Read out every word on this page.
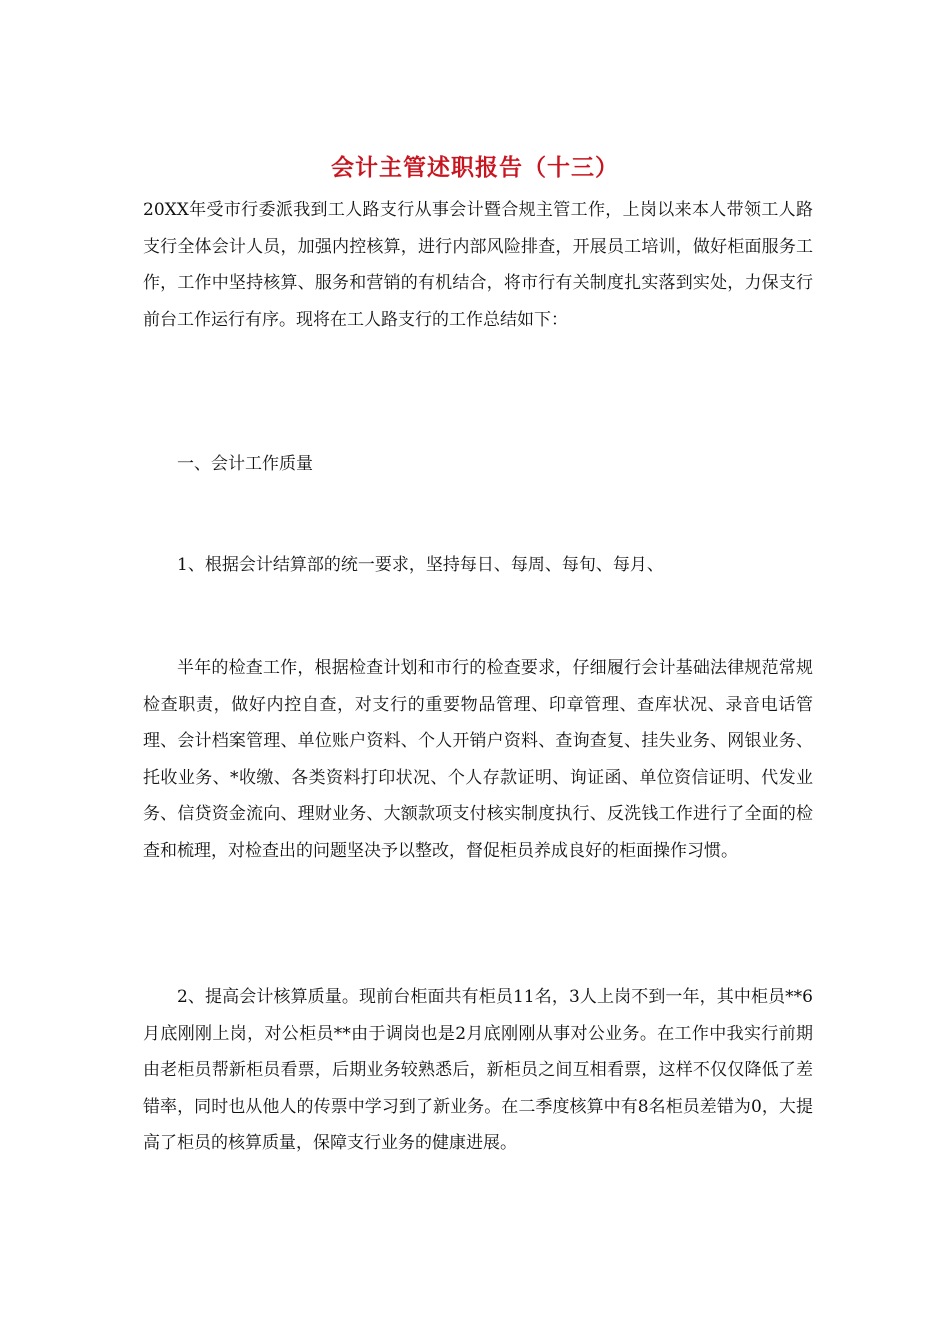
会计主管述职报告（十三）

20XX年受市行委派我到工人路支行从事会计暨合规主管工作，上岗以来本人带领工人路支行全体会计人员，加强内控核算，进行内部风险排查，开展员工培训，做好柜面服务工作，工作中坚持核算、服务和营销的有机结合，将市行有关制度扎实落到实处，力保支行前台工作运行有序。现将在工人路支行的工作总结如下：

一、会计工作质量

1、根据会计结算部的统一要求，坚持每日、每周、每旬、每月、

半年的检查工作，根据检查计划和市行的检查要求，仔细履行会计基础法律规范常规检查职责，做好内控自查，对支行的重要物品管理、印章管理、查库状况、录音电话管理、会计档案管理、单位账户资料、个人开销户资料、查询查复、挂失业务、网银业务、托收业务、*收缴、各类资料打印状况、个人存款证明、询证函、单位资信证明、代发业务、信贷资金流向、理财业务、大额款项支付核实制度执行、反洗钱工作进行了全面的检查和梳理，对检查出的问题坚决予以整改，督促柜员养成良好的柜面操作习惯。

2、提高会计核算质量。现前台柜面共有柜员11名，3人上岗不到一年，其中柜员**6月底刚刚上岗，对公柜员**由于调岗也是2月底刚刚从事对公业务。在工作中我实行前期由老柜员帮新柜员看票，后期业务较熟悉后，新柜员之间互相看票，这样不仅仅降低了差错率，同时也从他人的传票中学习到了新业务。在二季度核算中有8名柜员差错为0，大提高了柜员的核算质量，保障支行业务的健康进展。
